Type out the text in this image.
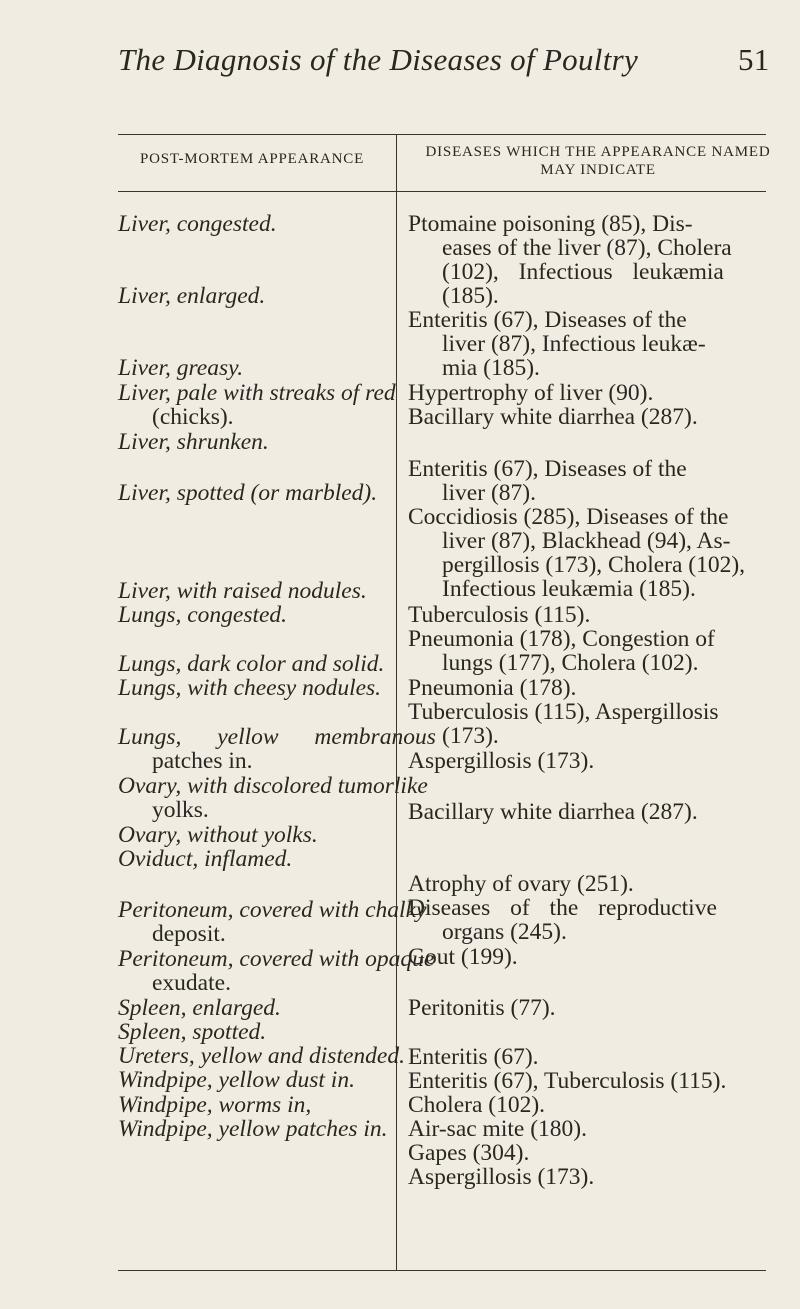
The Diagnosis of the Diseases of Poultry	51
POST-MORTEM APPEARANCE	DISEASES WHICH THE APPEARANCE NAMED
MAY INDICATE
Liver, congested.
Liver, enlarged.
Liver, greasy.
Liver, pale with streaks of red
(chicks).
Liver, shrunken.
Liver, spotted (or marbled).
Liver, with raised nodules.
Lungs, congested.
Lungs, dark color and solid.
Lungs, with cheesy nodules.
Lungs, yellow membranous
patches in.
Ovary, with discolored tumorlike
yolks.
Ovary, without yolks.
Oviduct, inflamed.
Peritoneum, covered with chalky
deposit.
Peritoneum, covered with opaque
exudate.
Spleen, enlarged.
Spleen, spotted.
Ureters, yellow and distended.
Windpipe, yellow dust in.
Windpipe, worms in,
Windpipe, yellow patches in.
Ptomaine poisoning (85), Dis-
eases of the liver (87), Cholera
(102), Infectious leukæmia
(185).
Enteritis (67), Diseases of the
liver (87), Infectious leukæ-
mia (185).
Hypertrophy of liver (90).
Bacillary white diarrhea (287).
Enteritis (67), Diseases of the
liver (87).
Coccidiosis (285), Diseases of the
liver (87), Blackhead (94), As-
pergillosis (173), Cholera (102),
Infectious leukæmia (185).
Tuberculosis (115).
Pneumonia (178), Congestion of
lungs (177), Cholera (102).
Pneumonia (178).
Tuberculosis (115), Aspergillosis
(173).
Aspergillosis (173).
Bacillary white diarrhea (287).
Atrophy of ovary (251).
Diseases of the reproductive
organs (245).
Gout (199).
Peritonitis (77).
Enteritis (67).
Enteritis (67), Tuberculosis (115).
Cholera (102).
Air-sac mite (180).
Gapes (304).
Aspergillosis (173).
